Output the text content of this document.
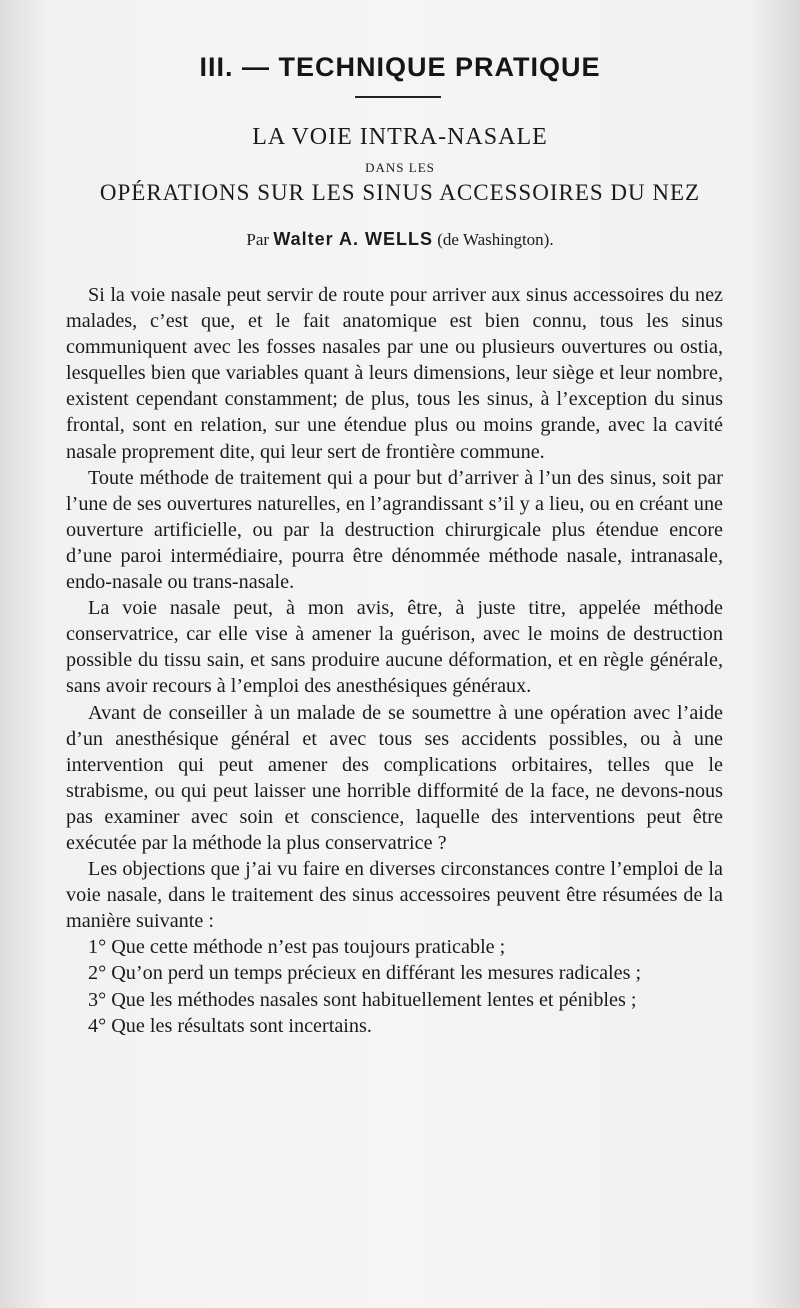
III. — TECHNIQUE PRATIQUE
LA VOIE INTRA-NASALE
DANS LES
OPÉRATIONS SUR LES SINUS ACCESSOIRES DU NEZ
Par Walter A. WELLS (de Washington).

Si la voie nasale peut servir de route pour arriver aux sinus accessoires du nez malades, c’est que, et le fait anatomique est bien connu, tous les sinus communiquent avec les fosses nasales par une ou plusieurs ouvertures ou ostia, lesquelles bien que variables quant à leurs dimensions, leur siège et leur nombre, existent cependant constamment; de plus, tous les sinus, à l’exception du sinus frontal, sont en relation, sur une étendue plus ou moins grande, avec la cavité nasale proprement dite, qui leur sert de frontière commune.

Toute méthode de traitement qui a pour but d’arriver à l’un des sinus, soit par l’une de ses ouvertures naturelles, en l’agrandissant s’il y a lieu, ou en créant une ouverture artificielle, ou par la destruction chirurgicale plus étendue encore d’une paroi intermédiaire, pourra être dénommée méthode nasale, intranasale, endo-nasale ou trans-nasale.

La voie nasale peut, à mon avis, être, à juste titre, appelée méthode conservatrice, car elle vise à amener la guérison, avec le moins de destruction possible du tissu sain, et sans produire aucune déformation, et en règle générale, sans avoir recours à l’emploi des anesthésiques généraux.

Avant de conseiller à un malade de se soumettre à une opération avec l’aide d’un anesthésique général et avec tous ses accidents possibles, ou à une intervention qui peut amener des complications orbitaires, telles que le strabisme, ou qui peut laisser une horrible difformité de la face, ne devons-nous pas examiner avec soin et conscience, laquelle des interventions peut être exécutée par la méthode la plus conservatrice ?

Les objections que j’ai vu faire en diverses circonstances contre l’emploi de la voie nasale, dans le traitement des sinus accessoires peuvent être résumées de la manière suivante :

1° Que cette méthode n’est pas toujours praticable ;

2° Qu’on perd un temps précieux en différant les mesures radicales ;

3° Que les méthodes nasales sont habituellement lentes et pénibles ;

4° Que les résultats sont incertains.
